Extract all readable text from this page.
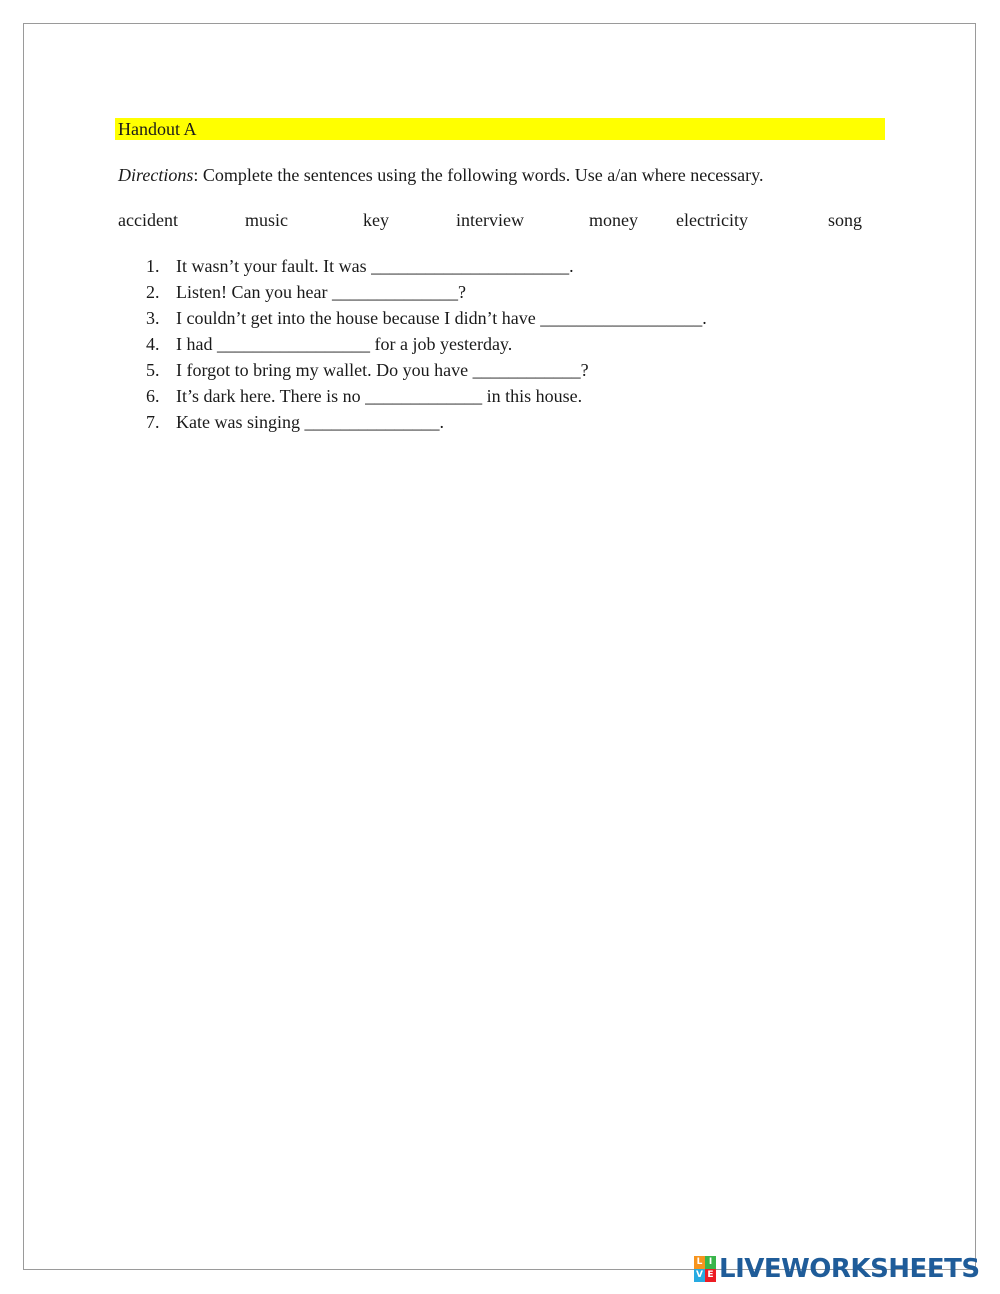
Handout A
Directions: Complete the sentences using the following words. Use a/an where necessary.
accident	music	key	interview	money electricity	song
1. It wasn’t your fault. It was ______________________.
2. Listen! Can you hear ______________?
3. I couldn’t get into the house because I didn’t have __________________.
4. I had _________________ for a job yesterday.
5. I forgot to bring my wallet. Do you have ____________?
6. It’s dark here. There is no _____________ in this house.
7. Kate was singing _______________.
L I
V E LIVEWORKSHEETS
